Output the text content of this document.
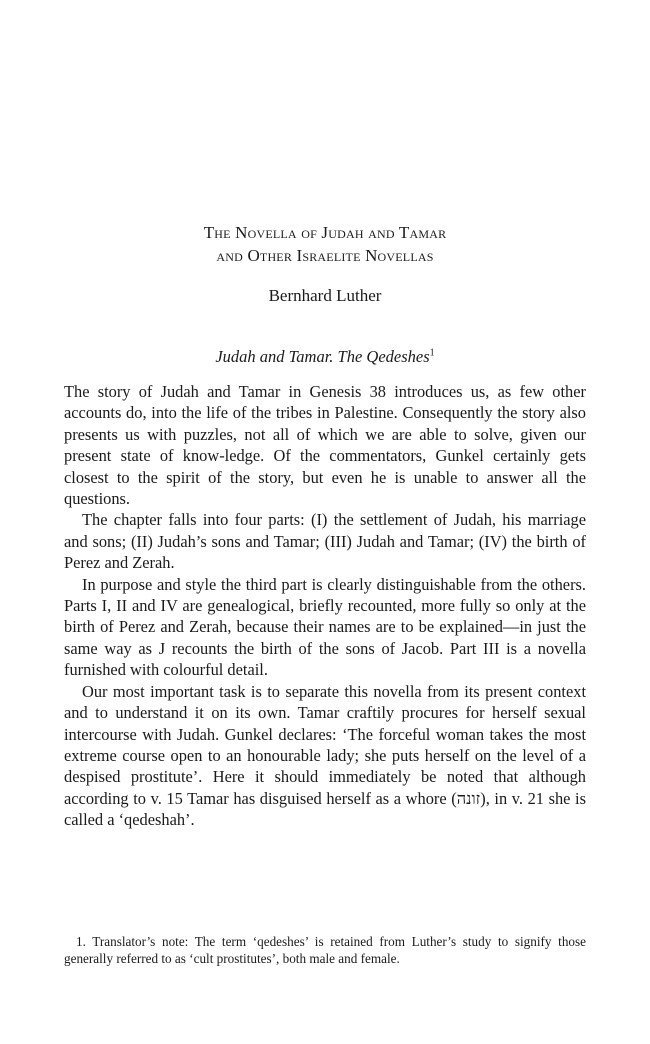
The Novella of Judah and Tamar
and Other Israelite Novellas
Bernhard Luther
Judah and Tamar. The Qedeshes$^1$

The story of Judah and Tamar in Genesis 38 introduces us, as few other accounts do, into the life of the tribes in Palestine. Consequently the story also presents us with puzzles, not all of which we are able to solve, given our present state of know-ledge. Of the commentators, Gunkel certainly gets closest to the spirit of the story, but even he is unable to answer all the questions.

The chapter falls into four parts: (I) the settlement of Judah, his marriage and sons; (II) Judah’s sons and Tamar; (III) Judah and Tamar; (IV) the birth of Perez and Zerah.

In purpose and style the third part is clearly distinguishable from the others. Parts I, II and IV are genealogical, briefly recounted, more fully so only at the birth of Perez and Zerah, because their names are to be explained—in just the same way as J recounts the birth of the sons of Jacob. Part III is a novella furnished with colourful detail.

Our most important task is to separate this novella from its present context and to understand it on its own. Tamar craftily procures for herself sexual intercourse with Judah. Gunkel declares: ‘The forceful woman takes the most extreme course open to an honourable lady; she puts herself on the level of a despised prostitute’. Here it should immediately be noted that although according to v. 15 Tamar has disguised herself as a whore (זונה), in v. 21 she is called a ‘qedeshah’.

1. Translator’s note: The term ‘qedeshes’ is retained from Luther’s study to signify those generally referred to as ‘cult prostitutes’, both male and female.
